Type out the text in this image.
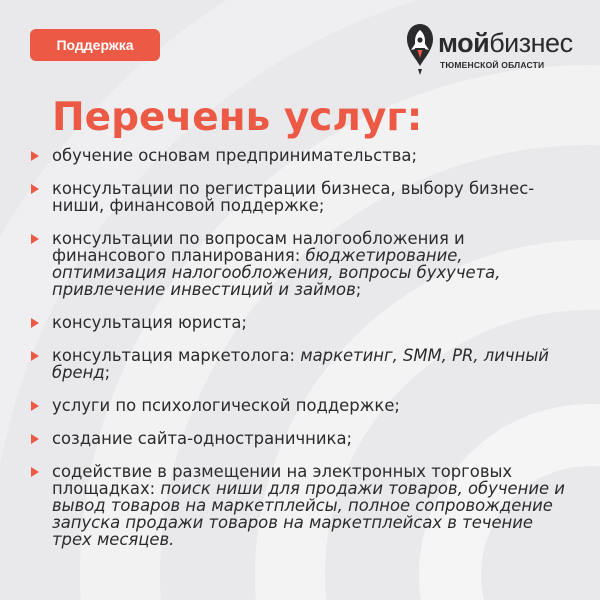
Поддержка	мойбизнес
ТЮМЕНСКОЙ ОБЛАСТИ
Перечень услуг:
обучение основам предпринимательства;
консультации по регистрации бизнеса, выбору бизнес-ниши, финансовой поддержке;
консультации по вопросам налогообложения и финансового планирования: бюджетирование, оптимизация налогообложения, вопросы бухучета, привлечение инвестиций и займов;
консультация юриста;
консультация маркетолога: маркетинг, SMM, PR, личный бренд;
услуги по психологической поддержке;
создание сайта-одностраничника;
содействие в размещении на электронных торговых площадках: поиск ниши для продажи товаров, обучение и вывод товаров на маркетплейсы, полное сопровождение запуска продажи товаров на маркетплейсах в течение трех месяцев.
